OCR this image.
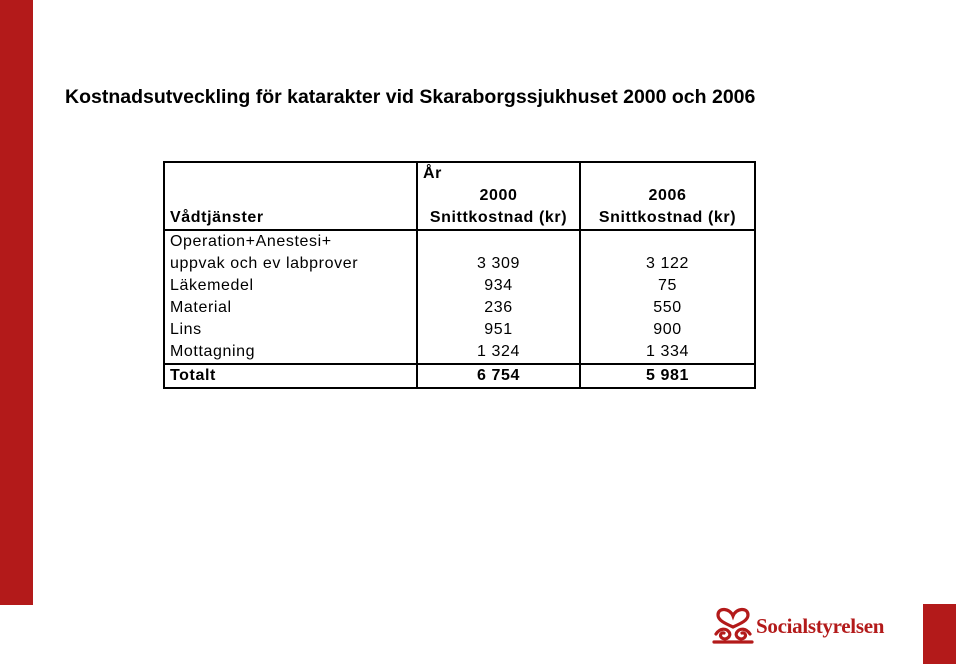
Kostnadsutveckling för katarakter vid Skaraborgssjukhuset 2000 och 2006
	År	
	2000	2006
Vådtjänster	Snittkostnad (kr)	Snittkostnad (kr)
Operation+Anestesi+		
uppvak och ev labprover	3 309	3 122
Läkemedel	934	75
Material	236	550
Lins	951	900
Mottagning	1 324	1 334
Totalt	6 754	5 981
Socialstyrelsen
